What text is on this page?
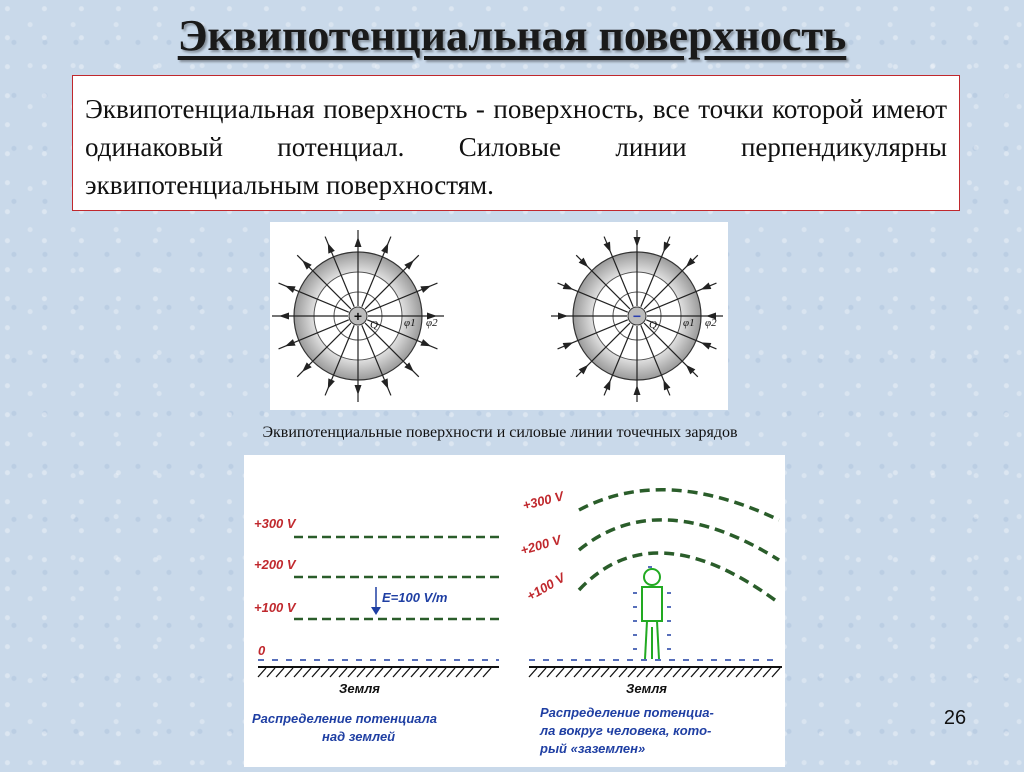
Эквипотенциальная поверхность
Эквипотенциальная поверхность - поверхность, все точки которой имеют одинаковый потенциал. Силовые линии перпендикулярны эквипотенциальным поверхностям.
+
Q φ1 φ2	−
Q φ1 φ2
Эквипотенциальные поверхности и силовые линии точечных зарядов
+300 V
+200 V
+100 V
0
E=100 V/m
Земля
Распределение потенциала
над землей
+300 V
+200 V
+100 V
Земля
Распределение потенциа-
ла вокруг человека, кото-
рый «заземлен»
26
